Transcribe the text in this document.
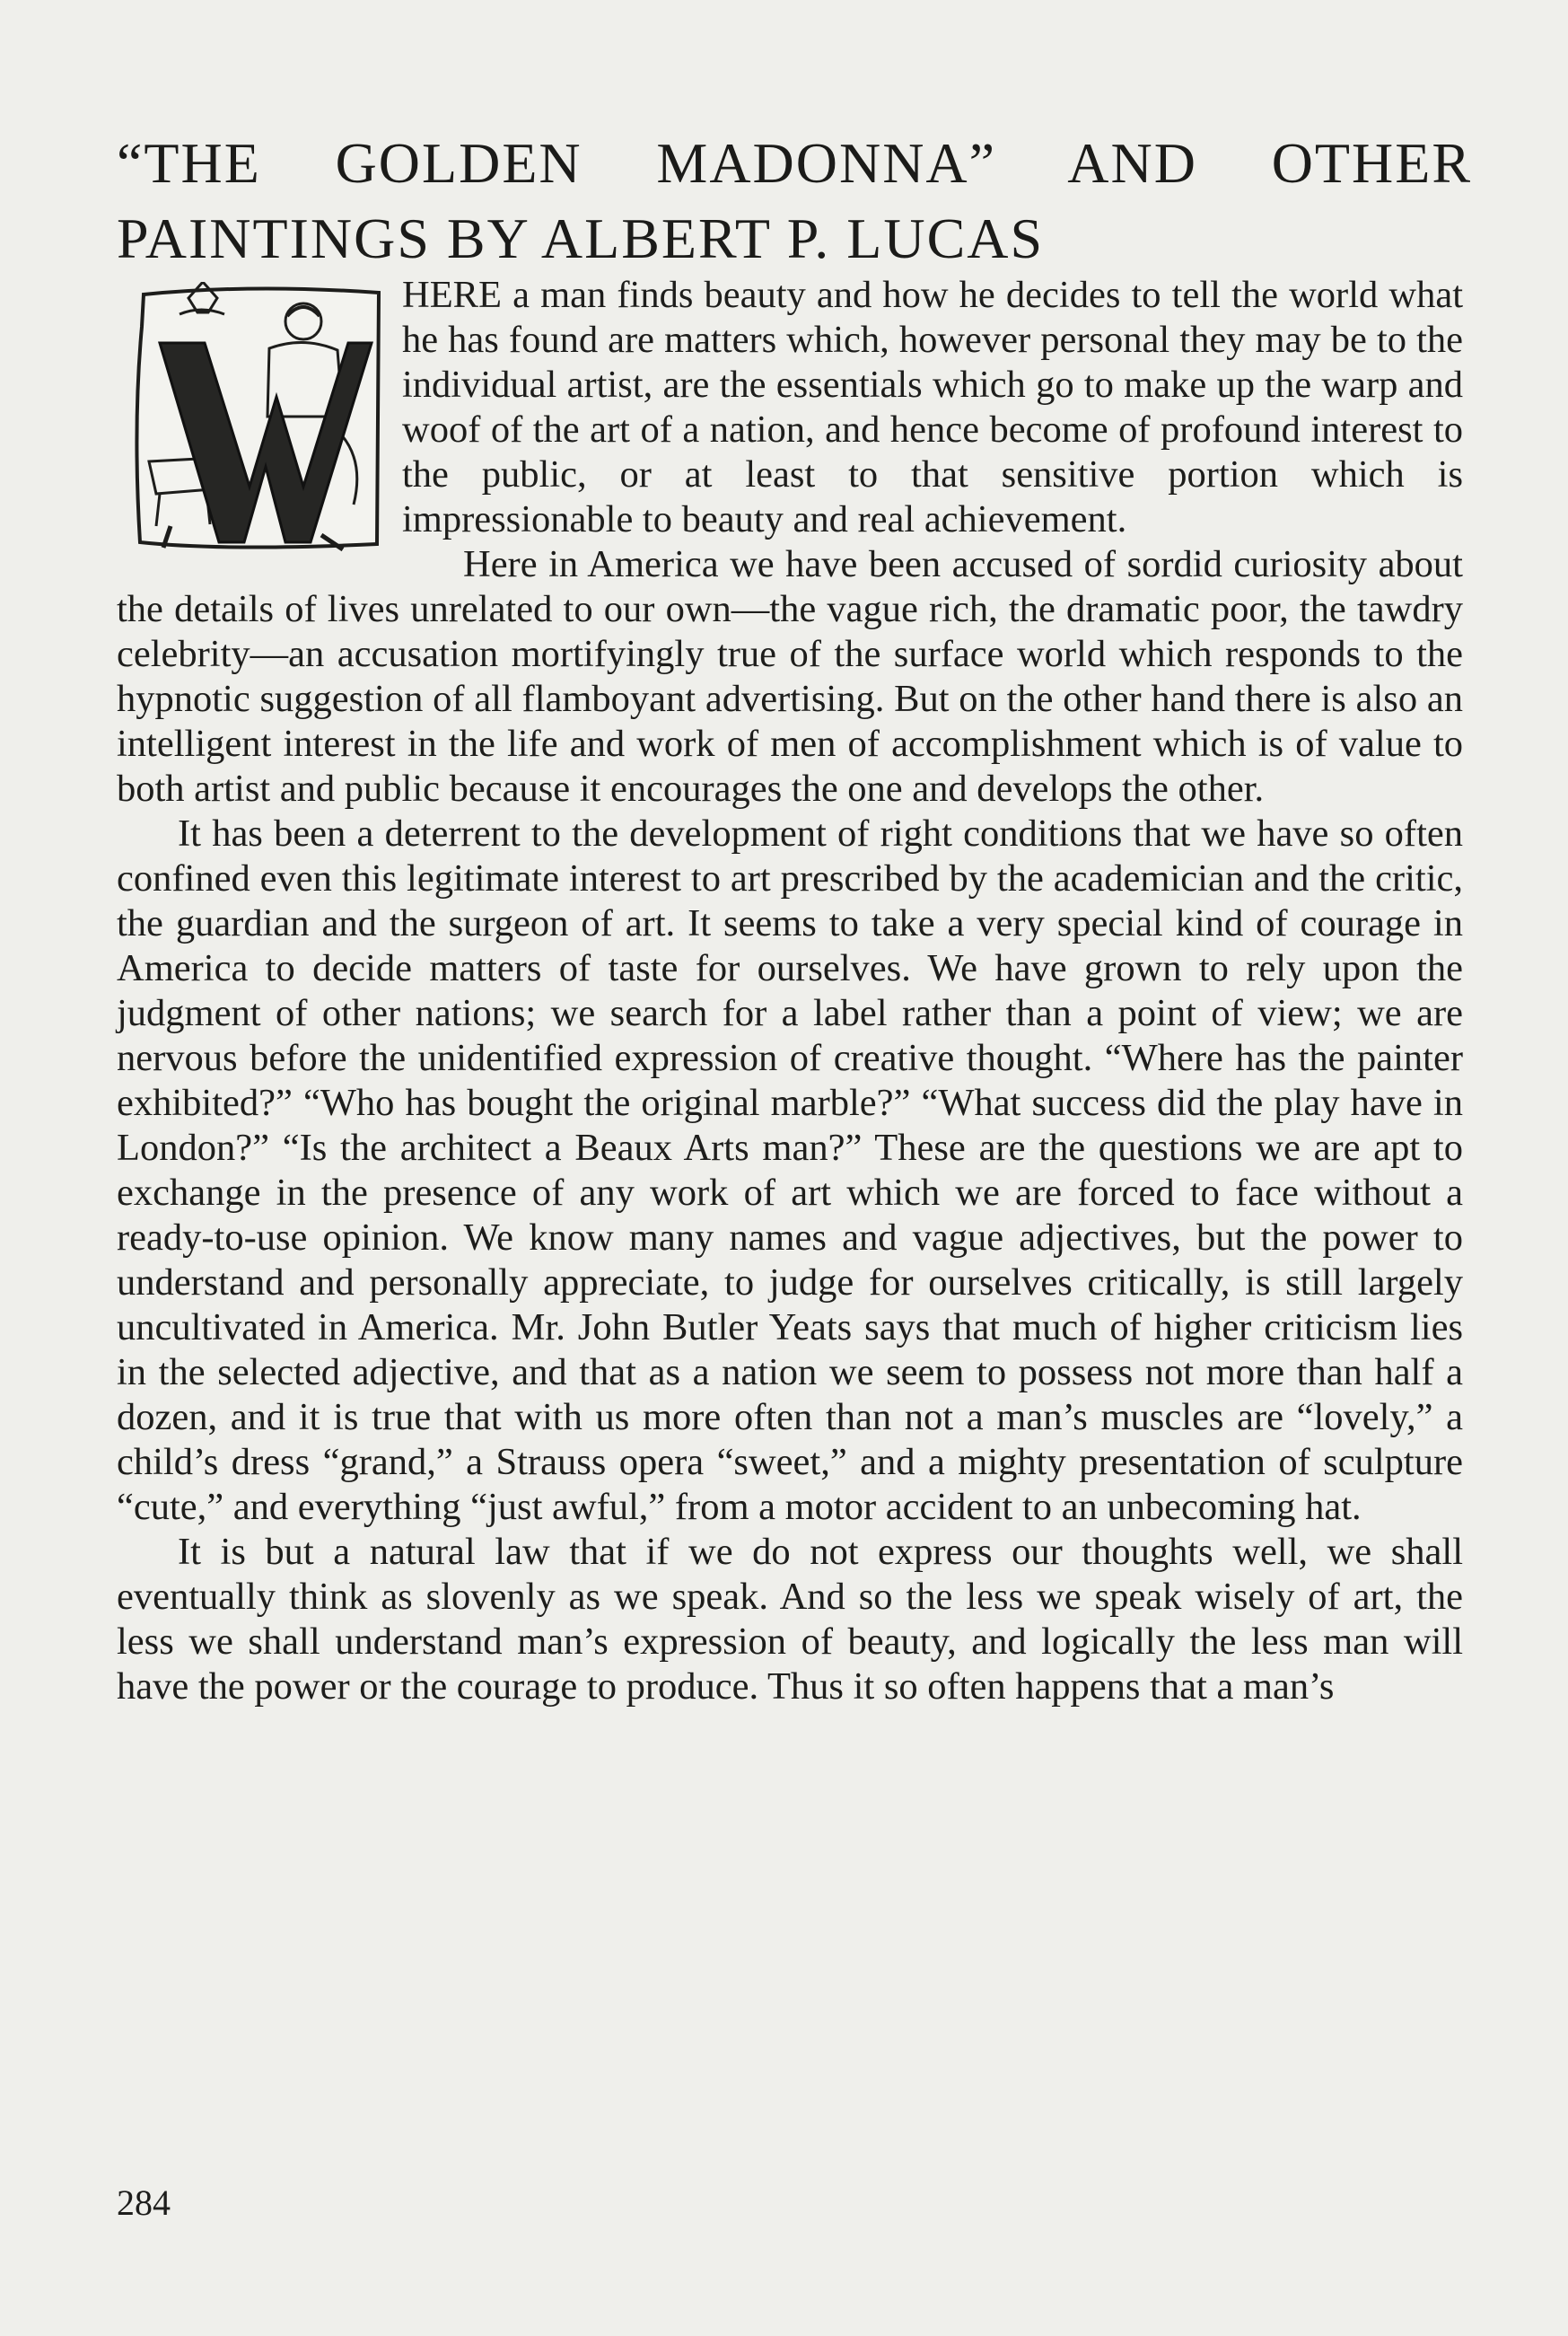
“THE GOLDEN MADONNA” AND OTHER PAINTINGS BY ALBERT P. LUCAS

HERE a man finds beauty and how he decides to tell the world what he has found are matters which, however personal they may be to the individual artist, are the essentials which go to make up the warp and woof of the art of a nation, and hence become of profound interest to the public, or at least to that sensitive portion which is impressionable to beauty and real achievement.

Here in America we have been accused of sordid curiosity about the details of lives unrelated to our own—the vague rich, the dramatic poor, the tawdry celebrity—an accusation mortifyingly true of the surface world which responds to the hypnotic suggestion of all flamboyant advertising. But on the other hand there is also an intelligent interest in the life and work of men of accomplishment which is of value to both artist and public because it encourages the one and develops the other.

It has been a deterrent to the development of right conditions that we have so often confined even this legitimate interest to art prescribed by the academician and the critic, the guardian and the surgeon of art. It seems to take a very special kind of courage in America to decide matters of taste for ourselves. We have grown to rely upon the judgment of other nations; we search for a label rather than a point of view; we are nervous before the unidentified expression of creative thought. “Where has the painter exhibited?” “Who has bought the original marble?” “What success did the play have in London?” “Is the architect a Beaux Arts man?” These are the questions we are apt to exchange in the presence of any work of art which we are forced to face without a ready-to-use opinion. We know many names and vague adjectives, but the power to understand and personally appreciate, to judge for ourselves critically, is still largely uncultivated in America. Mr. John Butler Yeats says that much of higher criticism lies in the selected adjective, and that as a nation we seem to possess not more than half a dozen, and it is true that with us more often than not a man’s muscles are “lovely,” a child’s dress “grand,” a Strauss opera “sweet,” and a mighty presentation of sculpture “cute,” and everything “just awful,” from a motor accident to an unbecoming hat.

It is but a natural law that if we do not express our thoughts well, we shall eventually think as slovenly as we speak. And so the less we speak wisely of art, the less we shall understand man’s expression of beauty, and logically the less man will have the power or the courage to produce. Thus it so often happens that a man’s

284
